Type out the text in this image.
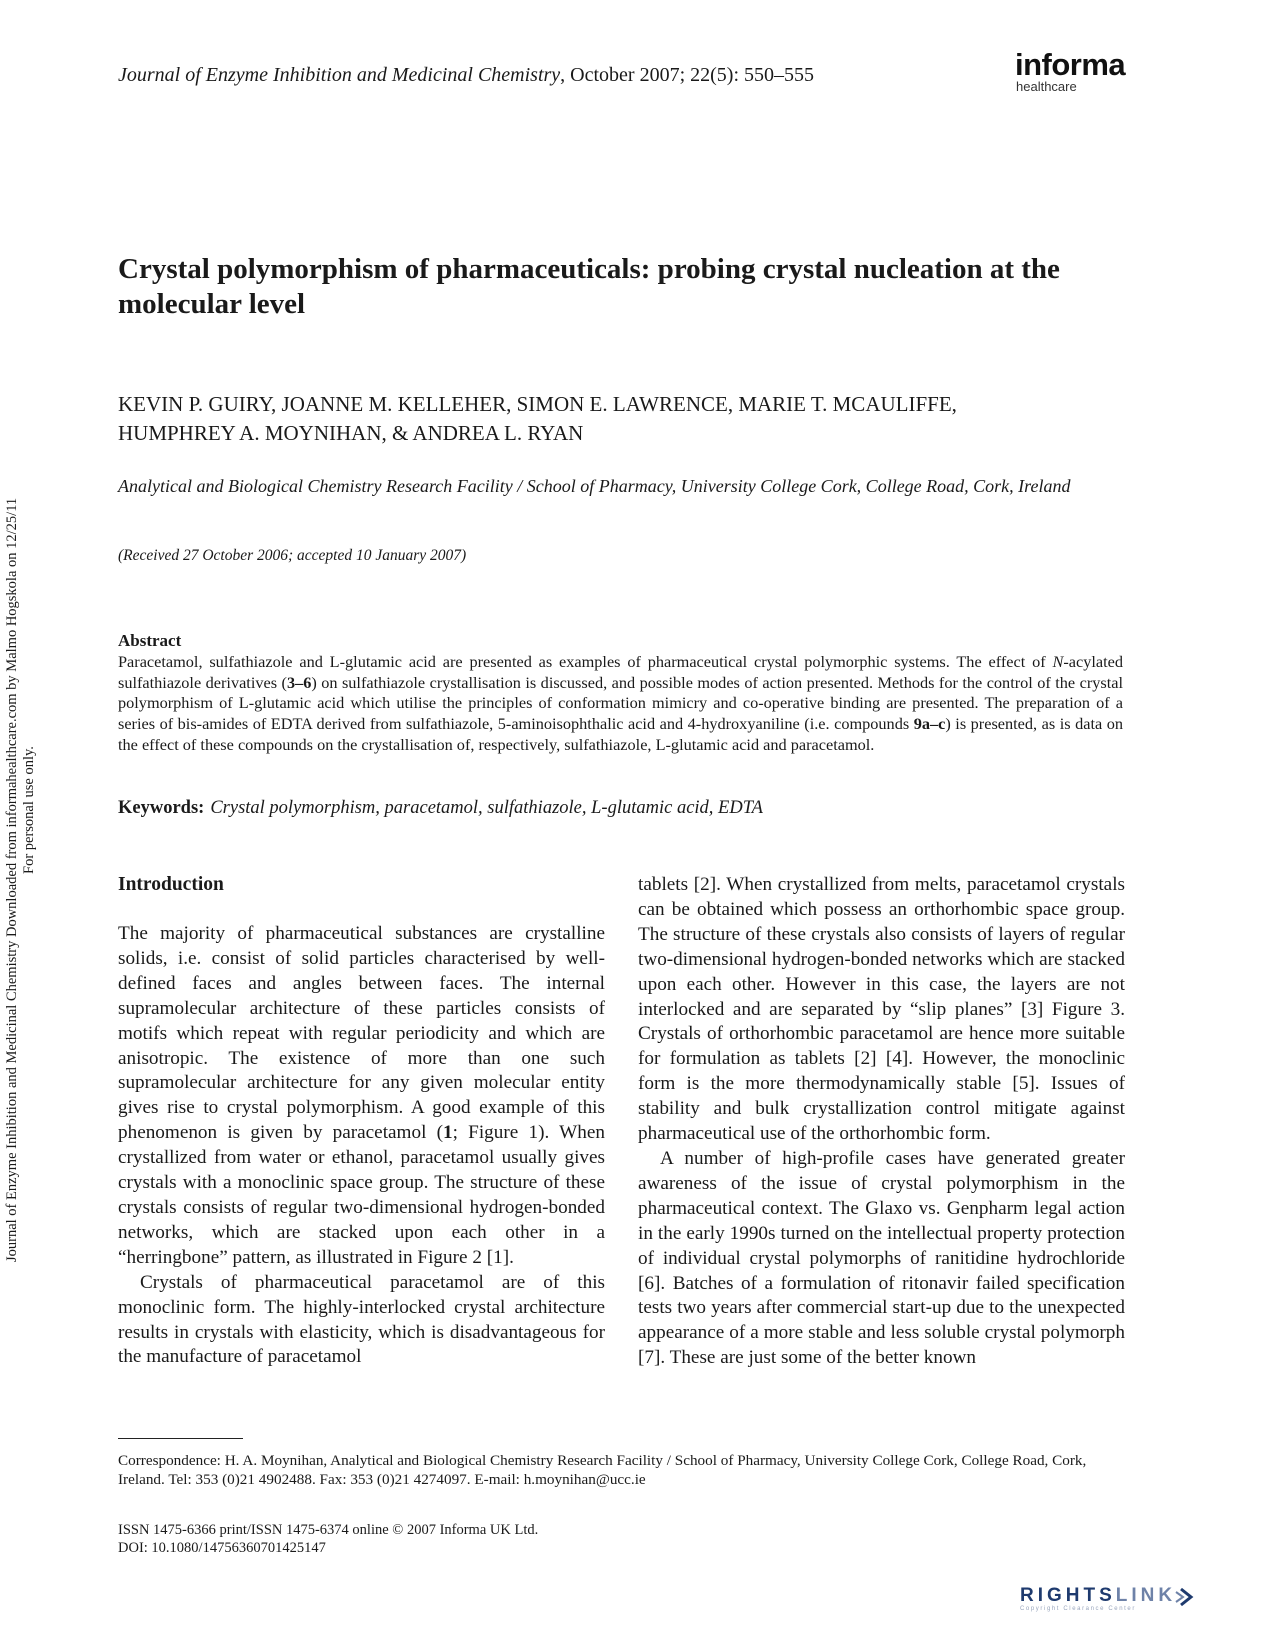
Journal of Enzyme Inhibition and Medicinal Chemistry Downloaded from informahealthcare.com by Malmo Hogskola on 12/25/11 For personal use only.
Journal of Enzyme Inhibition and Medicinal Chemistry, October 2007; 22(5): 550–555	informa
healthcare
Crystal polymorphism of pharmaceuticals: probing crystal nucleation at the molecular level
KEVIN P. GUIRY, JOANNE M. KELLEHER, SIMON E. LAWRENCE, MARIE T. MCAULIFFE,
HUMPHREY A. MOYNIHAN, & ANDREA L. RYAN
Analytical and Biological Chemistry Research Facility / School of Pharmacy, University College Cork, College Road, Cork, Ireland
(Received 27 October 2006; accepted 10 January 2007)
Abstract
Paracetamol, sulfathiazole and L-glutamic acid are presented as examples of pharmaceutical crystal polymorphic systems. The effect of N-acylated sulfathiazole derivatives (3–6) on sulfathiazole crystallisation is discussed, and possible modes of action presented. Methods for the control of the crystal polymorphism of L-glutamic acid which utilise the principles of conformation mimicry and co-operative binding are presented. The preparation of a series of bis-amides of EDTA derived from sulfathiazole, 5-aminoisophthalic acid and 4-hydroxyaniline (i.e. compounds 9a–c) is presented, as is data on the effect of these compounds on the crystallisation of, respectively, sulfathiazole, L-glutamic acid and paracetamol.
Keywords: Crystal polymorphism, paracetamol, sulfathiazole, L-glutamic acid, EDTA
Introduction

The majority of pharmaceutical substances are crystalline solids, i.e. consist of solid particles characterised by well-defined faces and angles between faces. The internal supramolecular architecture of these particles consists of motifs which repeat with regular periodicity and which are anisotropic. The existence of more than one such supramolecular architecture for any given molecular entity gives rise to crystal polymorphism. A good example of this phenomenon is given by paracetamol (1; Figure 1). When crystallized from water or ethanol, paracetamol usually gives crystals with a monoclinic space group. The structure of these crystals consists of regular two-dimensional hydrogen-bonded networks, which are stacked upon each other in a “herringbone” pattern, as illustrated in Figure 2 [1].

Crystals of pharmaceutical paracetamol are of this monoclinic form. The highly-interlocked crystal architecture results in crystals with elasticity, which is disadvantageous for the manufacture of paracetamol

tablets [2]. When crystallized from melts, paracetamol crystals can be obtained which possess an orthorhombic space group. The structure of these crystals also consists of layers of regular two-dimensional hydrogen-bonded networks which are stacked upon each other. However in this case, the layers are not interlocked and are separated by “slip planes” [3] Figure 3. Crystals of orthorhombic paracetamol are hence more suitable for formulation as tablets [2] [4]. However, the monoclinic form is the more thermodynamically stable [5]. Issues of stability and bulk crystallization control mitigate against pharmaceutical use of the orthorhombic form.

A number of high-profile cases have generated greater awareness of the issue of crystal polymorphism in the pharmaceutical context. The Glaxo vs. Genpharm legal action in the early 1990s turned on the intellectual property protection of individual crystal polymorphs of ranitidine hydrochloride [6]. Batches of a formulation of ritonavir failed specification tests two years after commercial start-up due to the unexpected appearance of a more stable and less soluble crystal polymorph [7]. These are just some of the better known

Correspondence: H. A. Moynihan, Analytical and Biological Chemistry Research Facility / School of Pharmacy, University College Cork, College Road, Cork, Ireland. Tel: 353 (0)21 4902488. Fax: 353 (0)21 4274097. E-mail: h.moynihan@ucc.ie
ISSN 1475-6366 print/ISSN 1475-6374 online © 2007 Informa UK Ltd.
DOI: 10.1080/14756360701425147
RIGHTSLINK
Copyright Clearance Center
